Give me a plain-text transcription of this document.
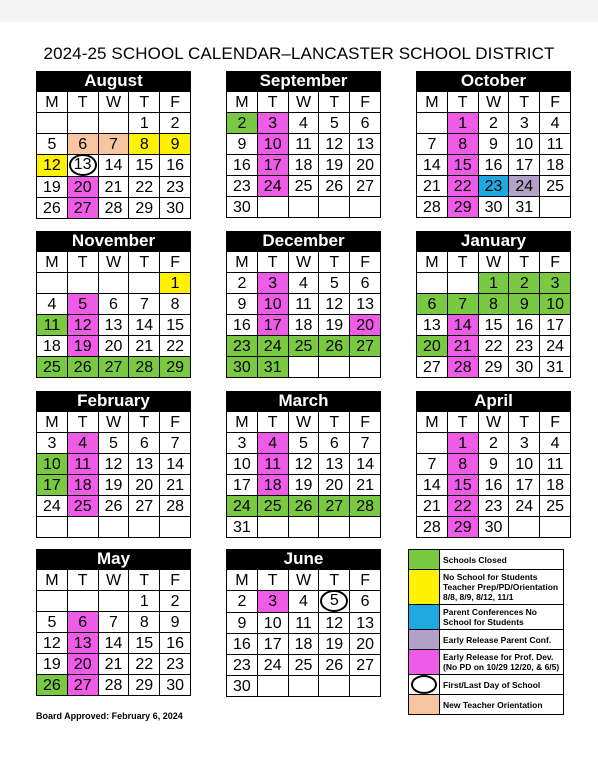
2024-25 SCHOOL CALENDAR–LANCASTER SCHOOL DISTRICT
August
M	T	W	T	F
			1	2
5	6	7	8	9
12	13	14	15	16
19	20	21	22	23
26	27	28	29	30
September
M	T	W	T	F
2	3	4	5	6
9	10	11	12	13
16	17	18	19	20
23	24	25	26	27
30				
October
M	T	W	T	F
	1	2	3	4
7	8	9	10	11
14	15	16	17	18
21	22	23	24	25
28	29	30	31	
November
M	T	W	T	F
				1
4	5	6	7	8
11	12	13	14	15
18	19	20	21	22
25	26	27	28	29
December
M	T	W	T	F
2	3	4	5	6
9	10	11	12	13
16	17	18	19	20
23	24	25	26	27
30	31			
January
M	T	W	T	F
		1	2	3
6	7	8	9	10
13	14	15	16	17
20	21	22	23	24
27	28	29	30	31
February
M	T	W	T	F
3	4	5	6	7
10	11	12	13	14
17	18	19	20	21
24	25	26	27	28

March
M	T	W	T	F
3	4	5	6	7
10	11	12	13	14
17	18	19	20	21
24	25	26	27	28
31				
April
M	T	W	T	F
	1	2	3	4
7	8	9	10	11
14	15	16	17	18
21	22	23	24	25
28	29	30		
May
M	T	W	T	F
			1	2
5	6	7	8	9
12	13	14	15	16
19	20	21	22	23
26	27	28	29	30
June
M	T	W	T	F
2	3	4	5	6
9	10	11	12	13
16	17	18	19	20
23	24	25	26	27
30				
Schools Closed
No School for Students Teacher Prep/PD/Orientation 8/8, 8/9, 8/12, 11/1
Parent Conferences No School for Students
Early Release Parent Conf.
Early Release for Prof. Dev. (No PD on 10/29 12/20, & 6/5)
First/Last Day of School
New Teacher Orientation
Board Approved: February 6, 2024
